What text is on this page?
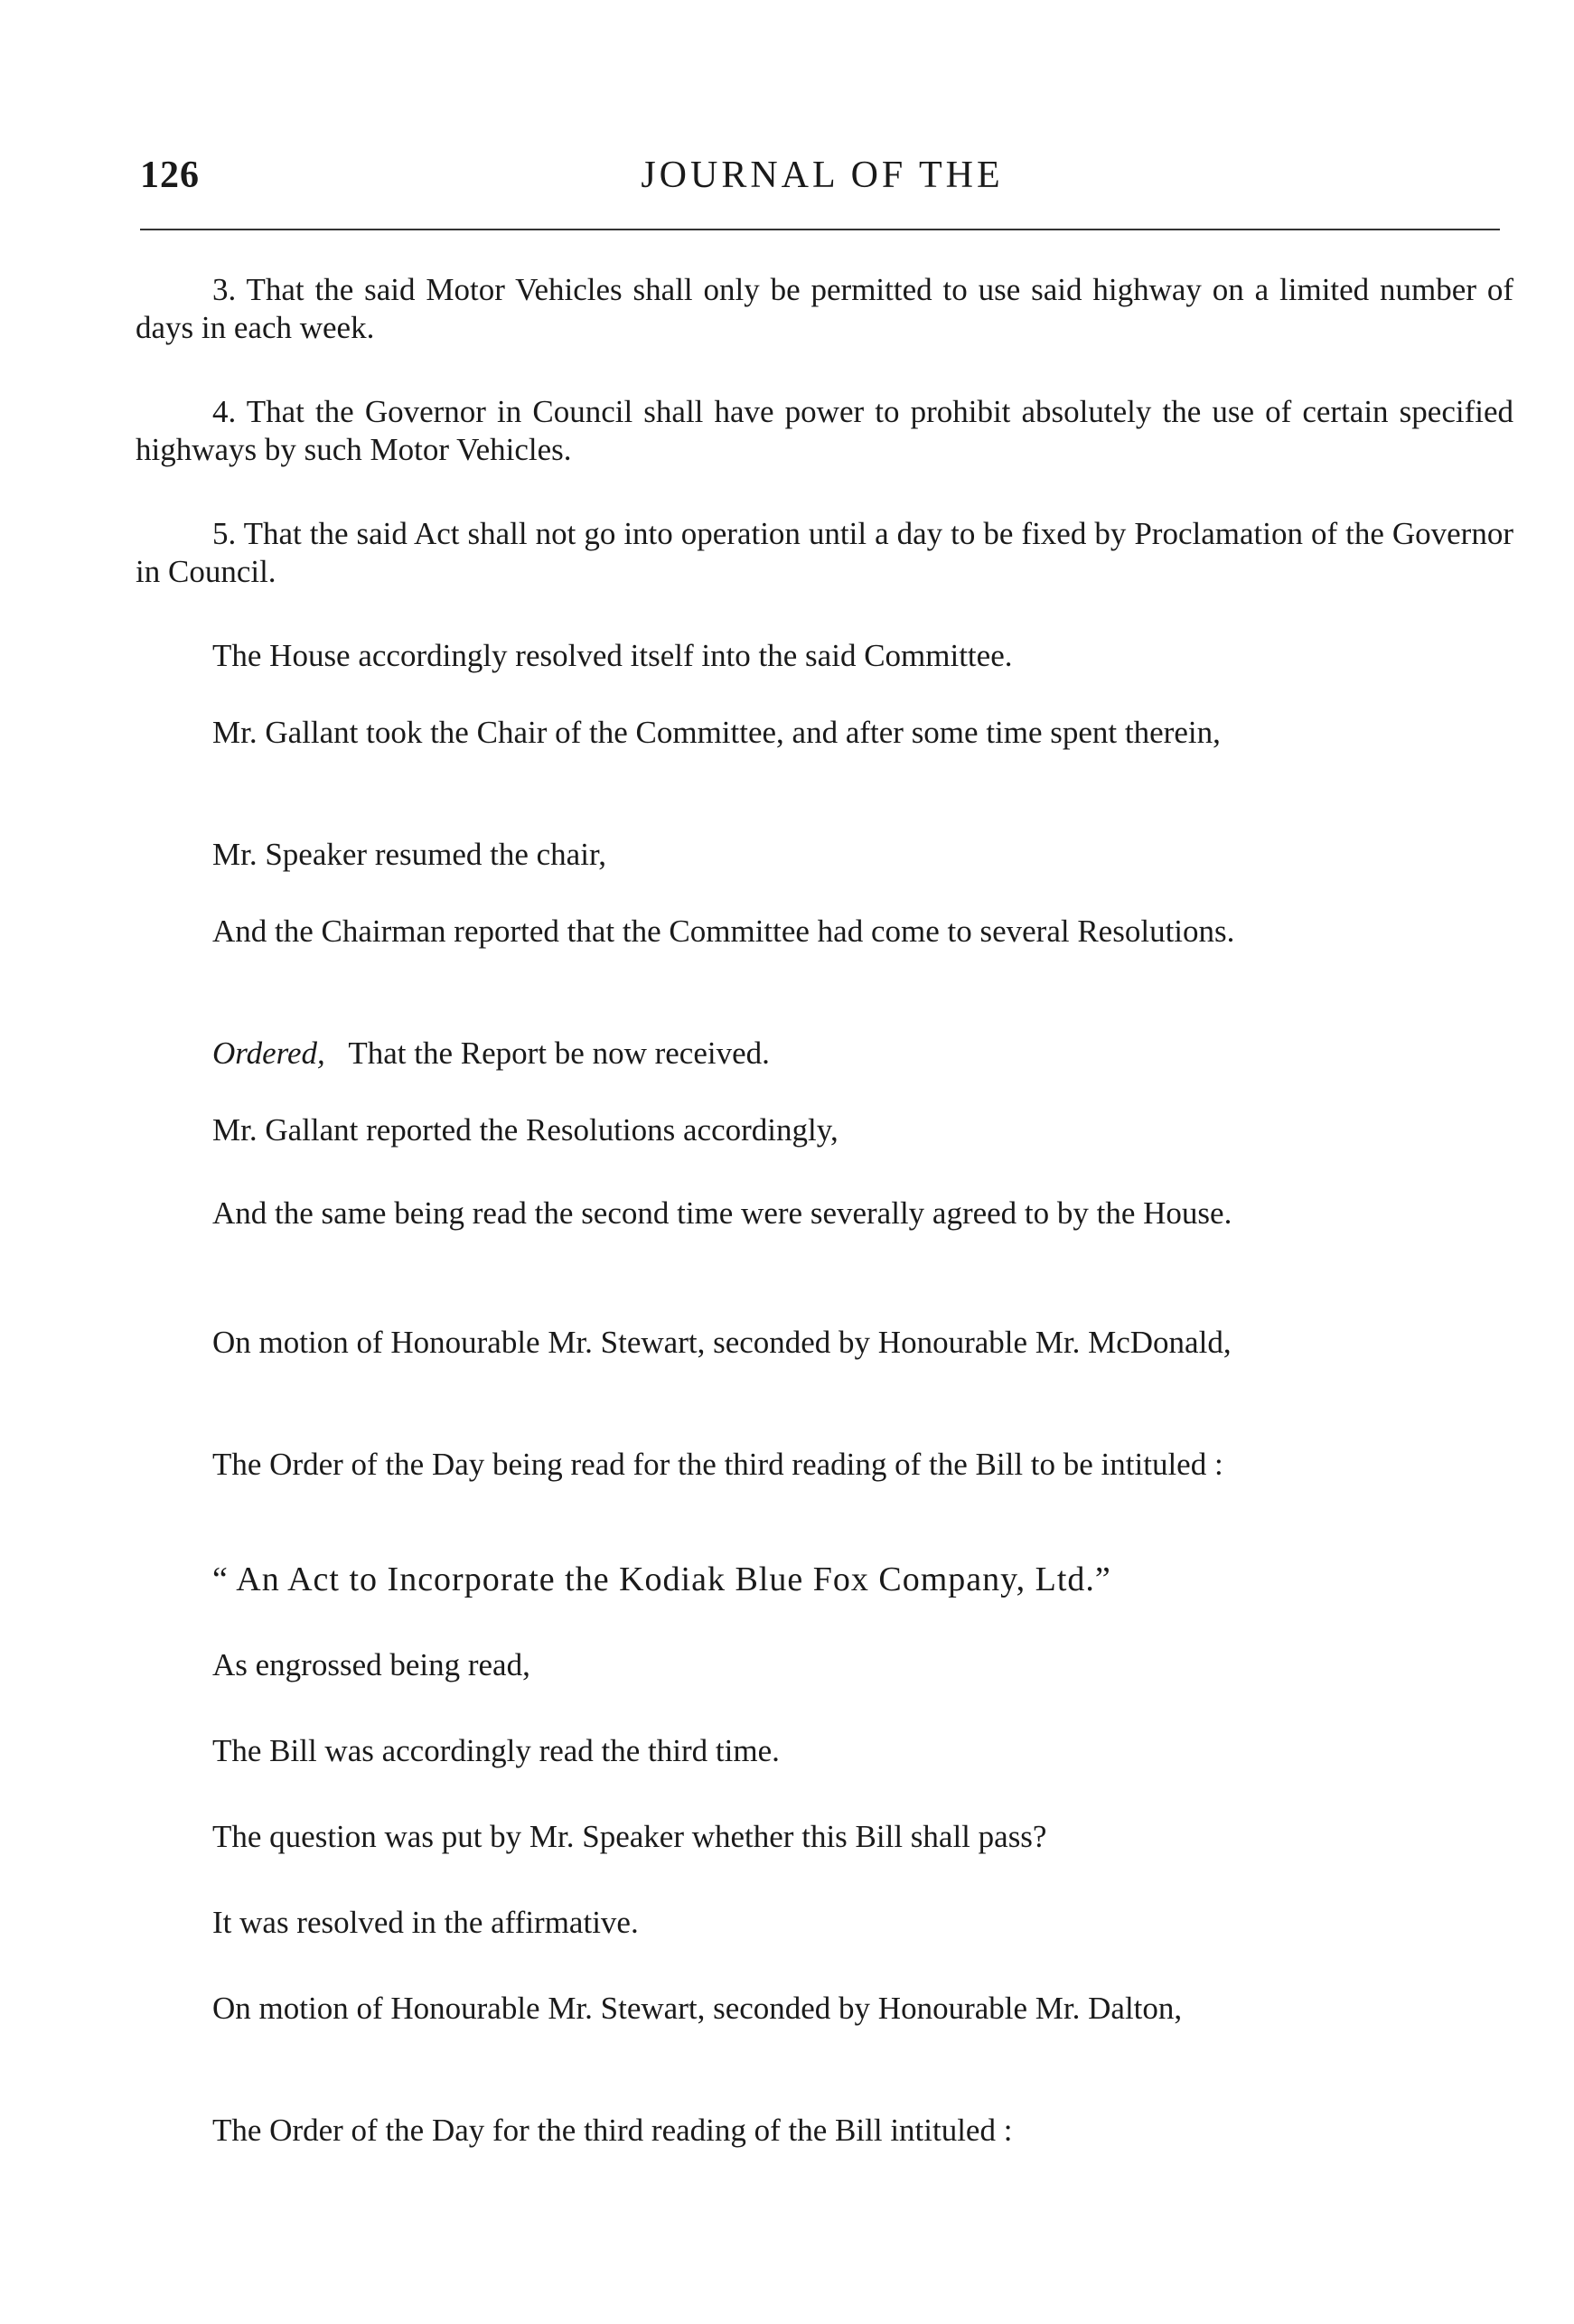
126	JOURNAL OF THE

3. That the said Motor Vehicles shall only be permitted to use said highway on a limited number of days in each week.

4. That the Governor in Council shall have power to prohibit absolutely the use of certain specified highways by such Motor Vehicles.

5. That the said Act shall not go into operation until a day to be fixed by Proclamation of the Governor in Council.

The House accordingly resolved itself into the said Committee.

Mr. Gallant took the Chair of the Committee, and after some time spent therein,

Mr. Speaker resumed the chair,

And the Chairman reported that the Committee had come to several Resolutions.

Ordered, That the Report be now received.

Mr. Gallant reported the Resolutions accordingly,

And the same being read the second time were severally agreed to by the House.

On motion of Honourable Mr. Stewart, seconded by Honourable Mr. McDonald,

The Order of the Day being read for the third reading of the Bill to be intituled :

“ An Act to Incorporate the Kodiak Blue Fox Company, Ltd.”

As engrossed being read,

The Bill was accordingly read the third time.

The question was put by Mr. Speaker whether this Bill shall pass?

It was resolved in the affirmative.

On motion of Honourable Mr. Stewart, seconded by Honourable Mr. Dalton,

The Order of the Day for the third reading of the Bill intituled :
